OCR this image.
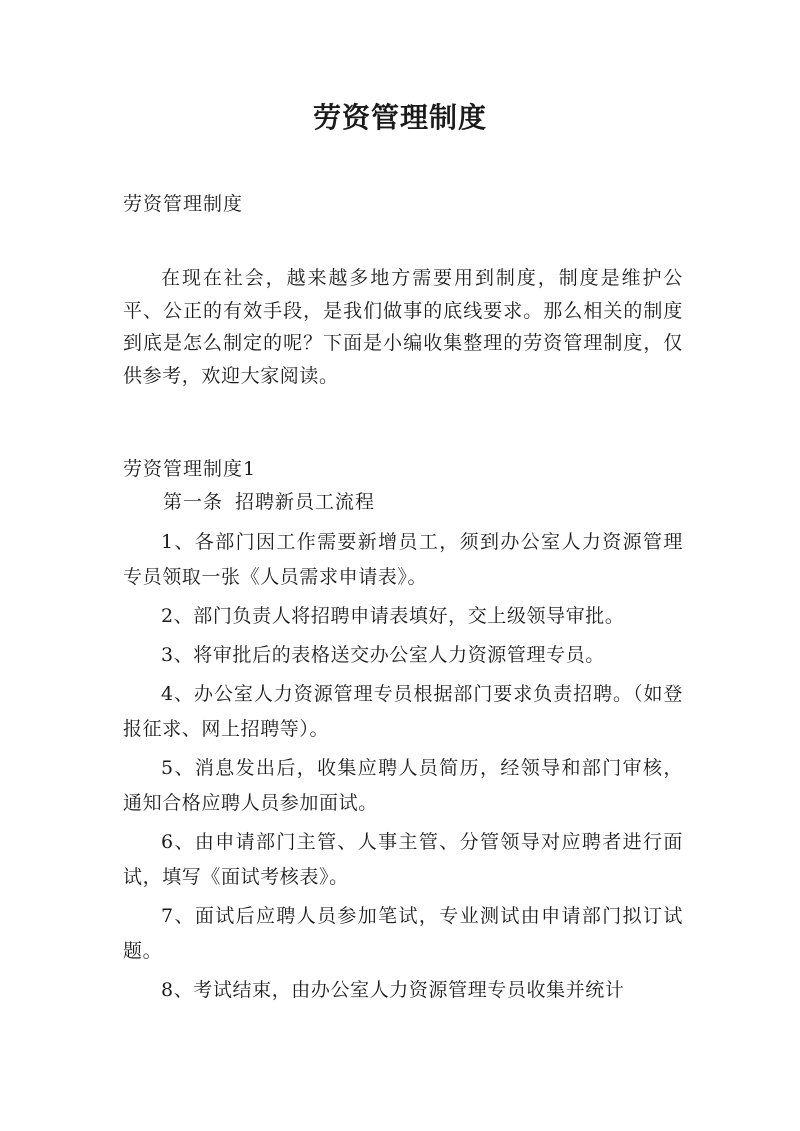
劳资管理制度

劳资管理制度

在现在社会，越来越多地方需要用到制度，制度是维护公平、公正的有效手段，是我们做事的底线要求。那么相关的制度到底是怎么制定的呢？下面是小编收集整理的劳资管理制度，仅供参考，欢迎大家阅读。

劳资管理制度1

第一条 招聘新员工流程

1、各部门因工作需要新增员工，须到办公室人力资源管理专员领取一张《人员需求申请表》。
2、部门负责人将招聘申请表填好，交上级领导审批。
3、将审批后的表格送交办公室人力资源管理专员。
4、办公室人力资源管理专员根据部门要求负责招聘。（如登报征求、网上招聘等）。
5、消息发出后，收集应聘人员简历，经领导和部门审核，通知合格应聘人员参加面试。
6、由申请部门主管、人事主管、分管领导对应聘者进行面试，填写《面试考核表》。
7、面试后应聘人员参加笔试，专业测试由申请部门拟订试题。
8、考试结束，由办公室人力资源管理专员收集并统计
